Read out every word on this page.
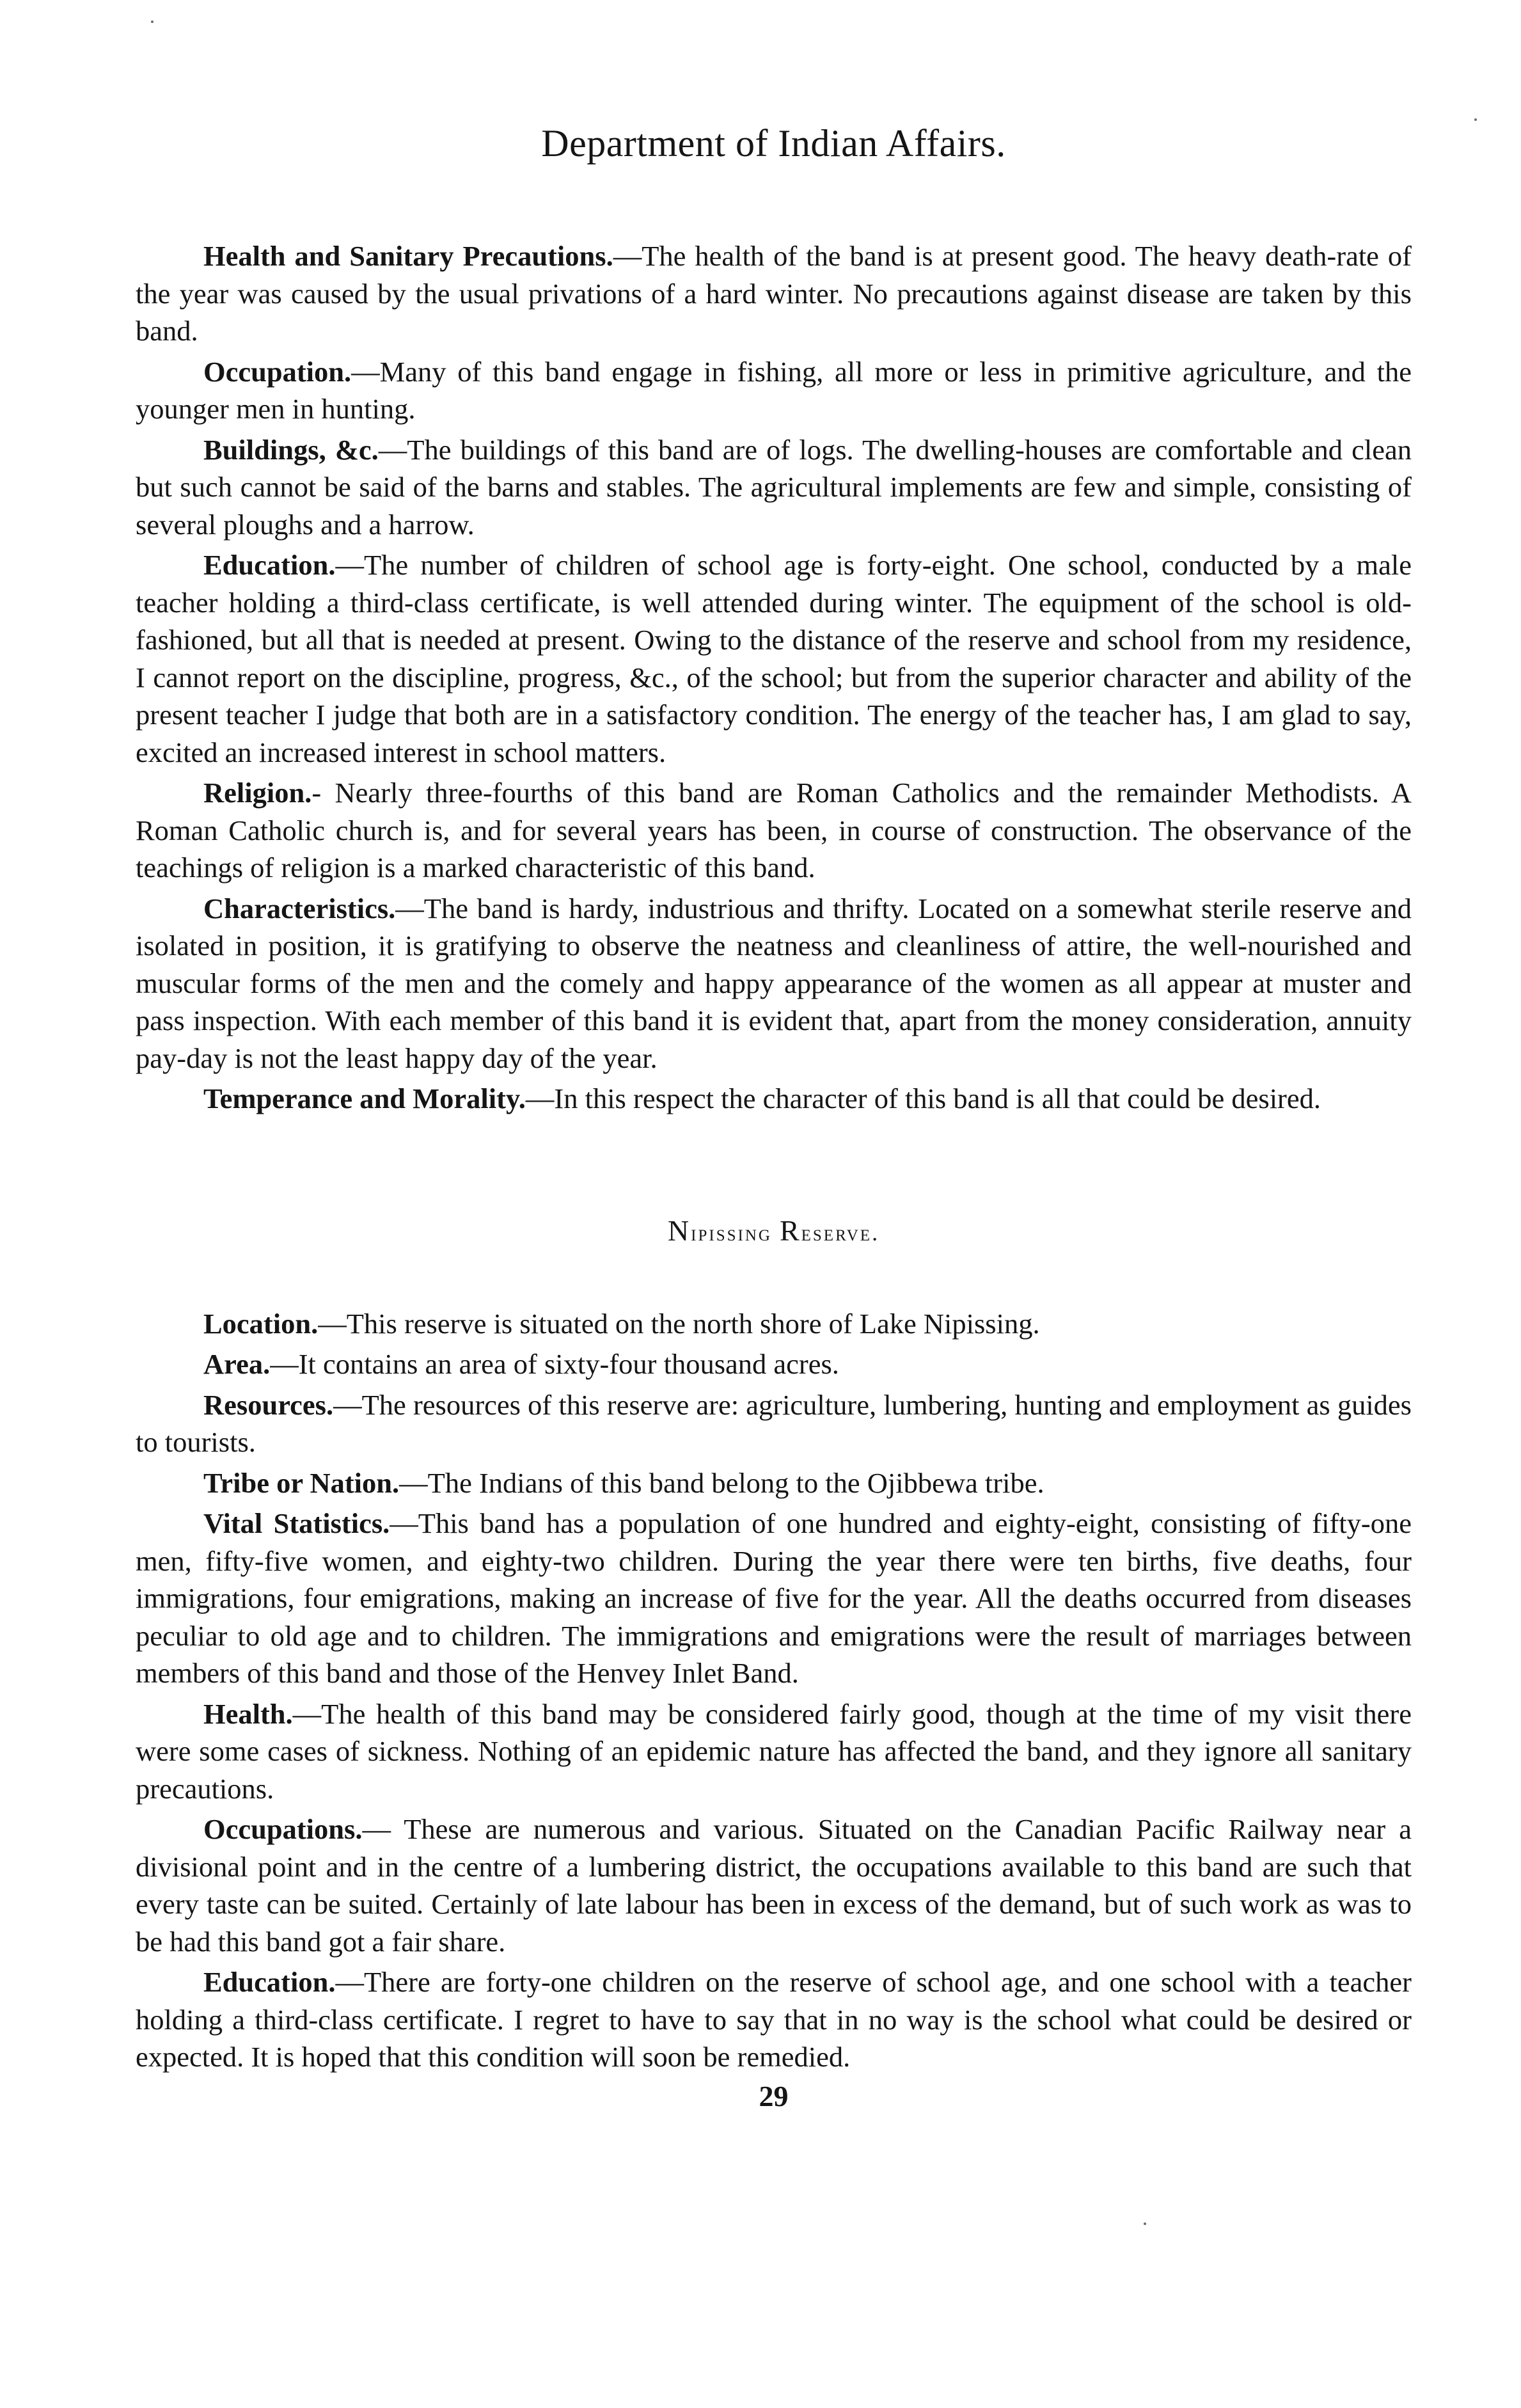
Department of Indian Affairs.

Health and Sanitary Precautions.—The health of the band is at present good. The heavy death-rate of the year was caused by the usual privations of a hard winter. No precautions against disease are taken by this band.

Occupation.—Many of this band engage in fishing, all more or less in primitive agriculture, and the younger men in hunting.

Buildings, &c.—The buildings of this band are of logs. The dwelling-houses are comfortable and clean but such cannot be said of the barns and stables. The agricultural implements are few and simple, consisting of several ploughs and a harrow.

Education.—The number of children of school age is forty-eight. One school, conducted by a male teacher holding a third-class certificate, is well attended during winter. The equipment of the school is old-fashioned, but all that is needed at present. Owing to the distance of the reserve and school from my residence, I cannot report on the discipline, progress, &c., of the school; but from the superior character and ability of the present teacher I judge that both are in a satisfactory condition. The energy of the teacher has, I am glad to say, excited an increased interest in school matters.

Religion.- Nearly three-fourths of this band are Roman Catholics and the remainder Methodists. A Roman Catholic church is, and for several years has been, in course of construction. The observance of the teachings of religion is a marked characteristic of this band.

Characteristics.—The band is hardy, industrious and thrifty. Located on a somewhat sterile reserve and isolated in position, it is gratifying to observe the neatness and cleanliness of attire, the well-nourished and muscular forms of the men and the comely and happy appearance of the women as all appear at muster and pass inspection. With each member of this band it is evident that, apart from the money consideration, annuity pay-day is not the least happy day of the year.

Temperance and Morality.—In this respect the character of this band is all that could be desired.

Nipissing Reserve.

Location.—This reserve is situated on the north shore of Lake Nipissing.

Area.—It contains an area of sixty-four thousand acres.

Resources.—The resources of this reserve are: agriculture, lumbering, hunting and employment as guides to tourists.

Tribe or Nation.—The Indians of this band belong to the Ojibbewa tribe.

Vital Statistics.—This band has a population of one hundred and eighty-eight, consisting of fifty-one men, fifty-five women, and eighty-two children. During the year there were ten births, five deaths, four immigrations, four emigrations, making an increase of five for the year. All the deaths occurred from diseases peculiar to old age and to children. The immigrations and emigrations were the result of marriages between members of this band and those of the Henvey Inlet Band.

Health.—The health of this band may be considered fairly good, though at the time of my visit there were some cases of sickness. Nothing of an epidemic nature has affected the band, and they ignore all sanitary precautions.

Occupations.— These are numerous and various. Situated on the Canadian Pacific Railway near a divisional point and in the centre of a lumbering district, the occupations available to this band are such that every taste can be suited. Certainly of late labour has been in excess of the demand, but of such work as was to be had this band got a fair share.

Education.—There are forty-one children on the reserve of school age, and one school with a teacher holding a third-class certificate. I regret to have to say that in no way is the school what could be desired or expected. It is hoped that this condition will soon be remedied.

29
